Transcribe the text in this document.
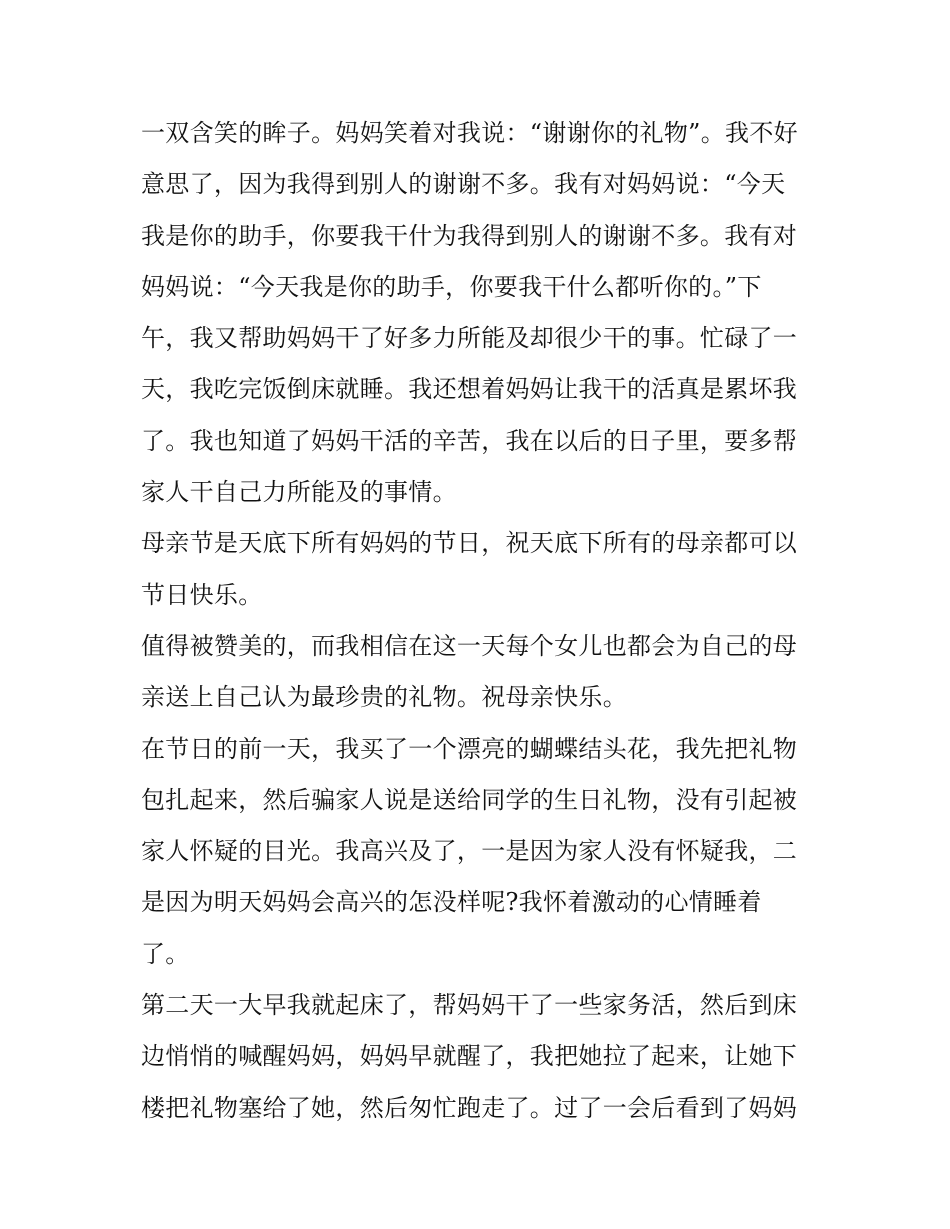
一双含笑的眸子。妈妈笑着对我说：“谢谢你的礼物”。我不好
意思了，因为我得到别人的谢谢不多。我有对妈妈说：“今天
我是你的助手，你要我干什为我得到别人的谢谢不多。我有对
妈妈说：“今天我是你的助手，你要我干什么都听你的。”下
午，我又帮助妈妈干了好多力所能及却很少干的事。忙碌了一
天，我吃完饭倒床就睡。我还想着妈妈让我干的活真是累坏我
了。我也知道了妈妈干活的辛苦，我在以后的日子里，要多帮
家人干自己力所能及的事情。
母亲节是天底下所有妈妈的节日，祝天底下所有的母亲都可以
节日快乐。
值得被赞美的，而我相信在这一天每个女儿也都会为自己的母
亲送上自己认为最珍贵的礼物。祝母亲快乐。
在节日的前一天，我买了一个漂亮的蝴蝶结头花，我先把礼物
包扎起来，然后骗家人说是送给同学的生日礼物，没有引起被
家人怀疑的目光。我高兴及了，一是因为家人没有怀疑我，二
是因为明天妈妈会高兴的怎没样呢?我怀着激动的心情睡着
了。
第二天一大早我就起床了，帮妈妈干了一些家务活，然后到床
边悄悄的喊醒妈妈，妈妈早就醒了，我把她拉了起来，让她下
楼把礼物塞给了她，然后匆忙跑走了。过了一会后看到了妈妈
